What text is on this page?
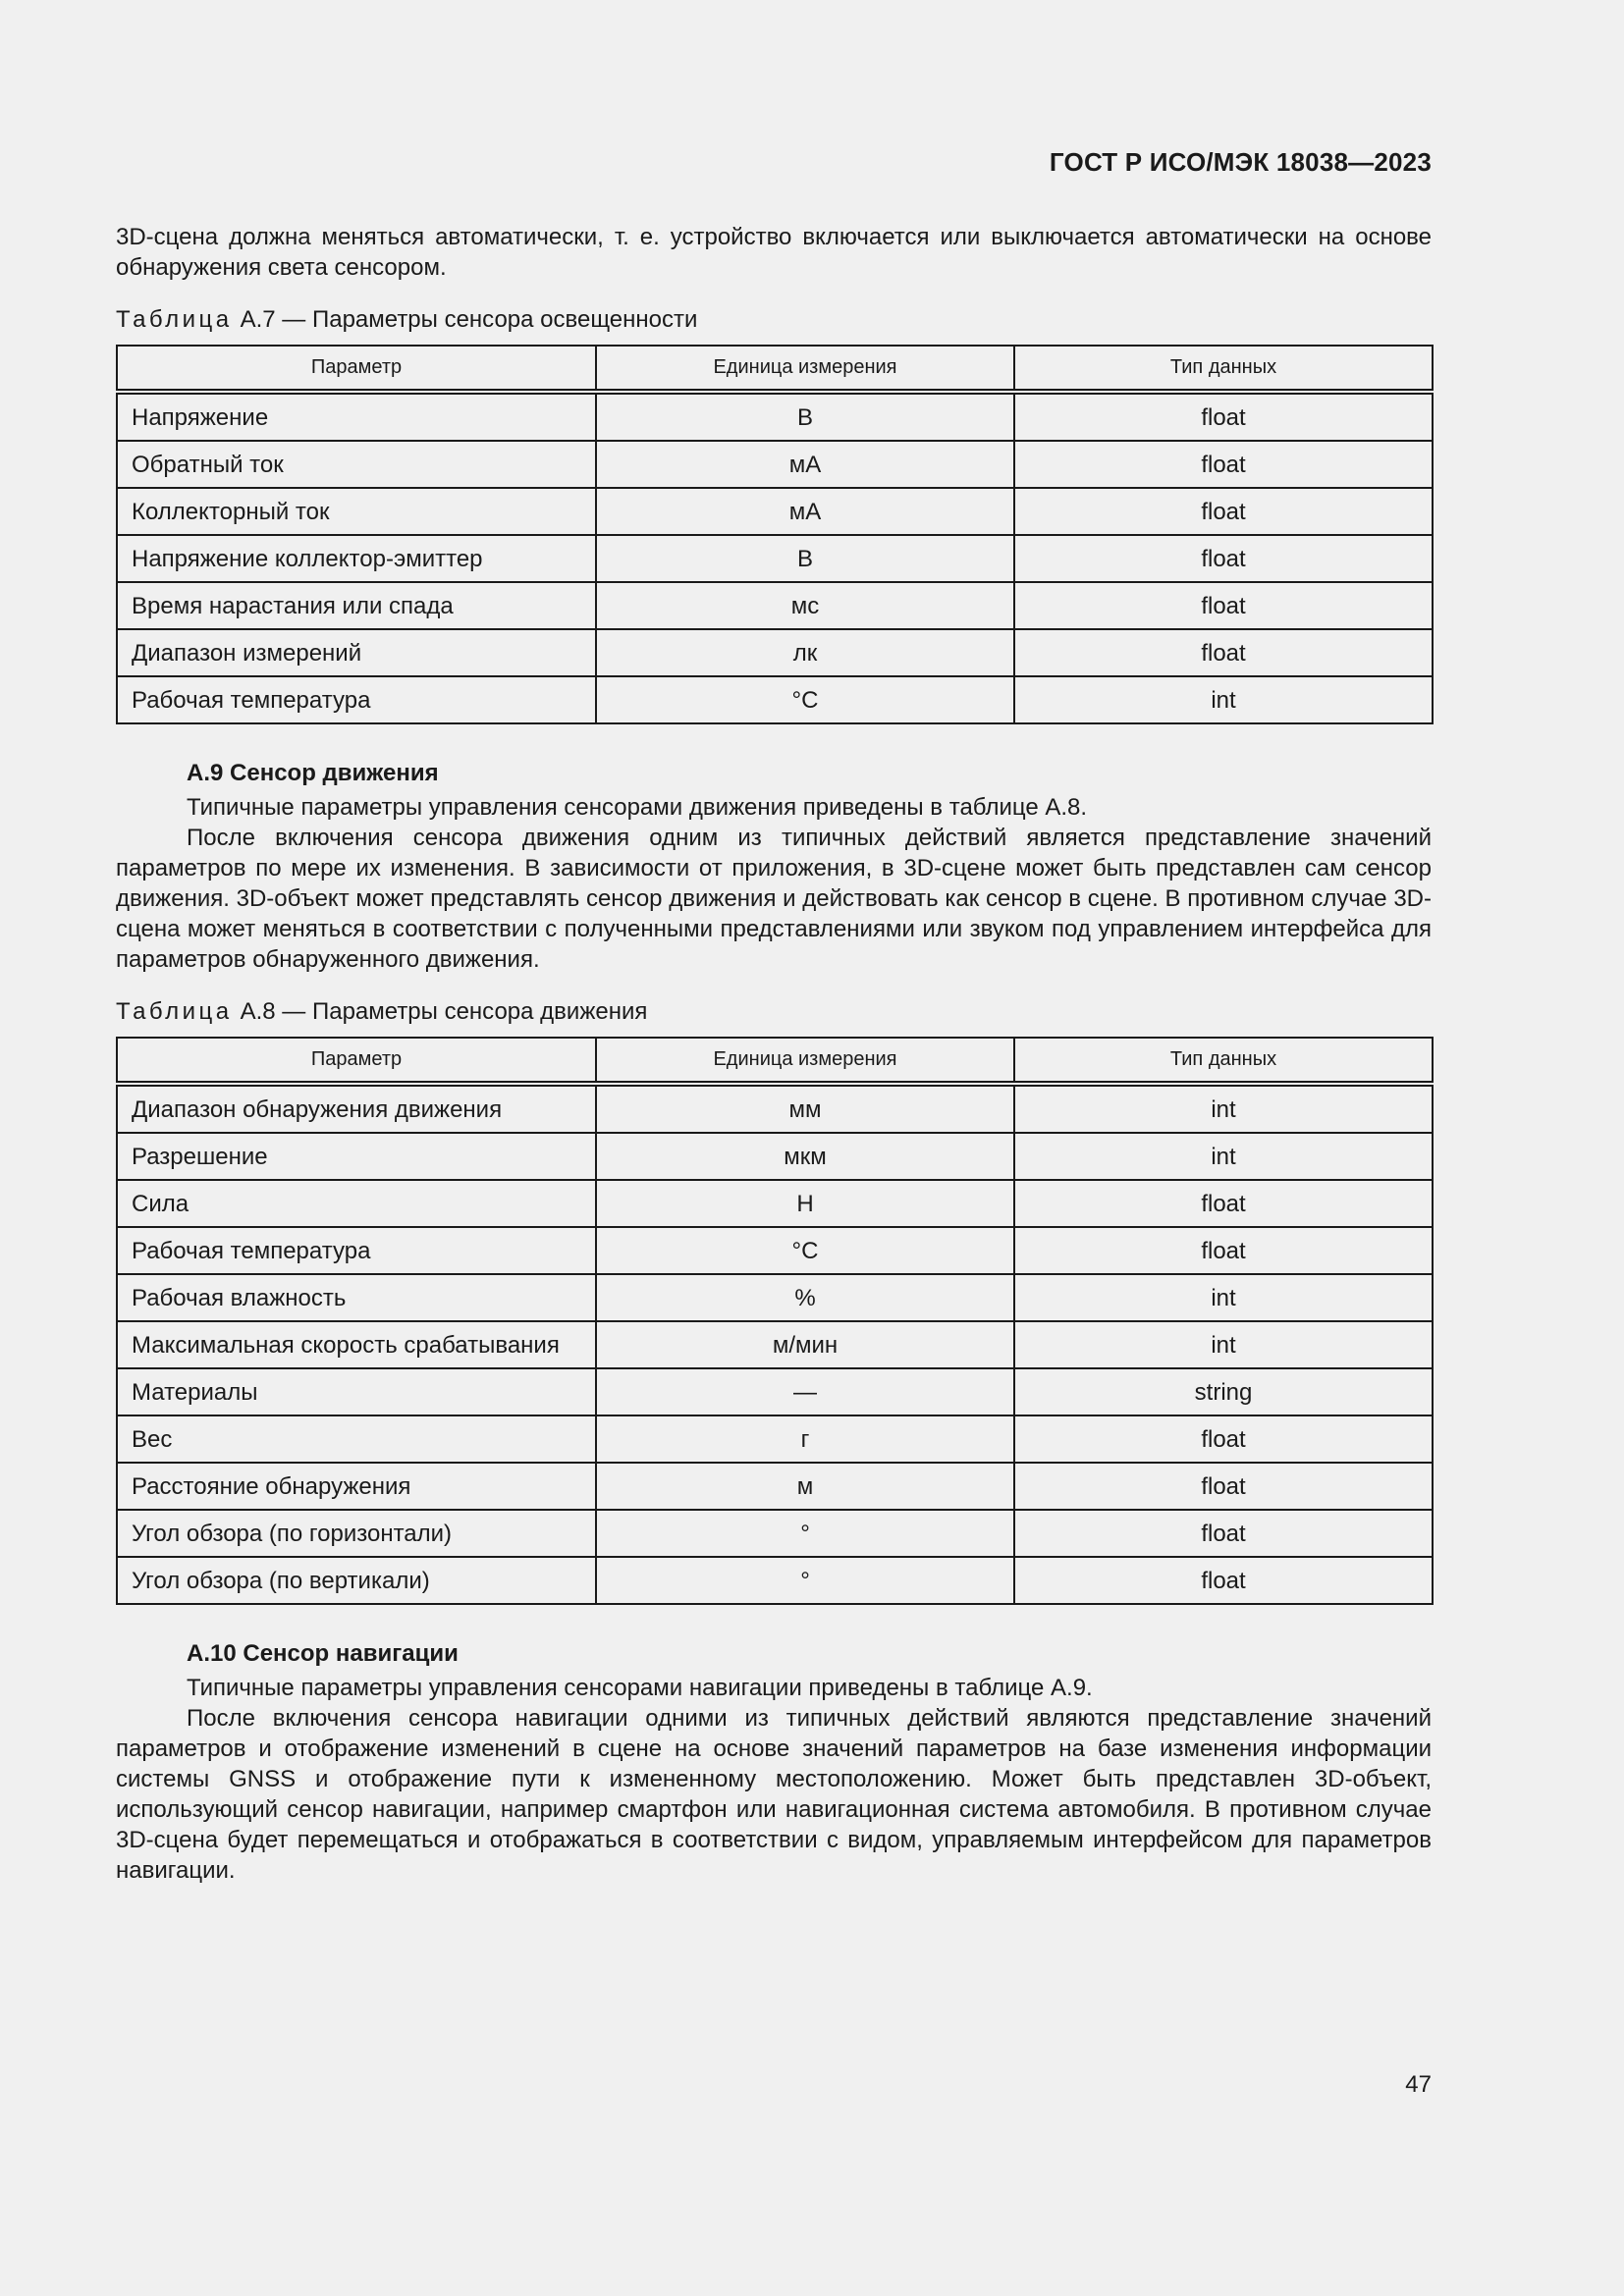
ГОСТ Р ИСО/МЭК 18038—2023

3D-сцена должна меняться автоматически, т. е. устройство включается или выключается автоматически на основе обнаружения света сенсором.

Таблица А.7 — Параметры сенсора освещенности
Параметр	Единица измерения	Тип данных
Напряжение	В	float
Обратный ток	мА	float
Коллекторный ток	мА	float
Напряжение коллектор-эмиттер	В	float
Время нарастания или спада	мс	float
Диапазон измерений	лк	float
Рабочая температура	°С	int
А.9 Сенсор движения

Типичные параметры управления сенсорами движения приведены в таблице А.8.

После включения сенсора движения одним из типичных действий является представление значений параметров по мере их изменения. В зависимости от приложения, в 3D-сцене может быть представлен сам сенсор движения. 3D-объект может представлять сенсор движения и действовать как сенсор в сцене. В противном случае 3D-сцена может меняться в соответствии с полученными представлениями или звуком под управлением интерфейса для параметров обнаруженного движения.

Таблица А.8 — Параметры сенсора движения
Параметр	Единица измерения	Тип данных
Диапазон обнаружения движения	мм	int
Разрешение	мкм	int
Сила	Н	float
Рабочая температура	°С	float
Рабочая влажность	%	int
Максимальная скорость срабатывания	м/мин	int
Материалы	—	string
Вес	г	float
Расстояние обнаружения	м	float
Угол обзора (по горизонтали)	°	float
Угол обзора (по вертикали)	°	float
А.10 Сенсор навигации

Типичные параметры управления сенсорами навигации приведены в таблице А.9.

После включения сенсора навигации одними из типичных действий являются представление значений параметров и отображение изменений в сцене на основе значений параметров на базе изменения информации системы GNSS и отображение пути к измененному местоположению. Может быть представлен 3D-объект, использующий сенсор навигации, например смартфон или навигационная система автомобиля. В противном случае 3D-сцена будет перемещаться и отображаться в соответствии с видом, управляемым интерфейсом для параметров навигации.

47
